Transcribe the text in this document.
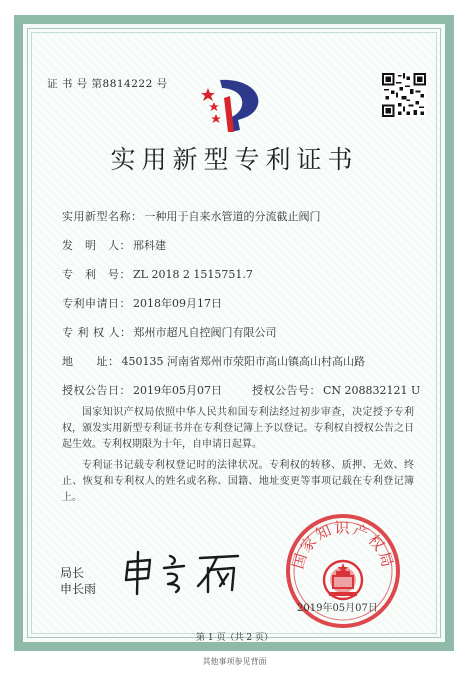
证 书 号 第8814222 号
实用新型专利证书
实用新型名称： 一种用于自来水管道的分流截止阀门
发　明　人： 邢科建
专　利　号： ZL 2018 2 1515751.7
专利申请日： 2018年09月17日
专 利 权 人： 郑州市超凡自控阀门有限公司
地　　址： 450135 河南省郑州市荥阳市高山镇高山村高山路
授权公告日： 2019年05月07日	授权公告号： CN 208832121 U
国家知识产权局依照中华人民共和国专利法经过初步审查，决定授予专利权，颁发实用新型专利证书并在专利登记簿上予以登记。专利权自授权公告之日起生效。专利权期限为十年，自申请日起算。
专利证书记载专利权登记时的法律状况。专利权的转移、质押、无效、终止、恢复和专利权人的姓名或名称、国籍、地址变更等事项记载在专利登记簿上。
局长
申长雨
国家知识产权局
2019年05月07日
第 1 页（共 2 页）
其他事项参见背面
